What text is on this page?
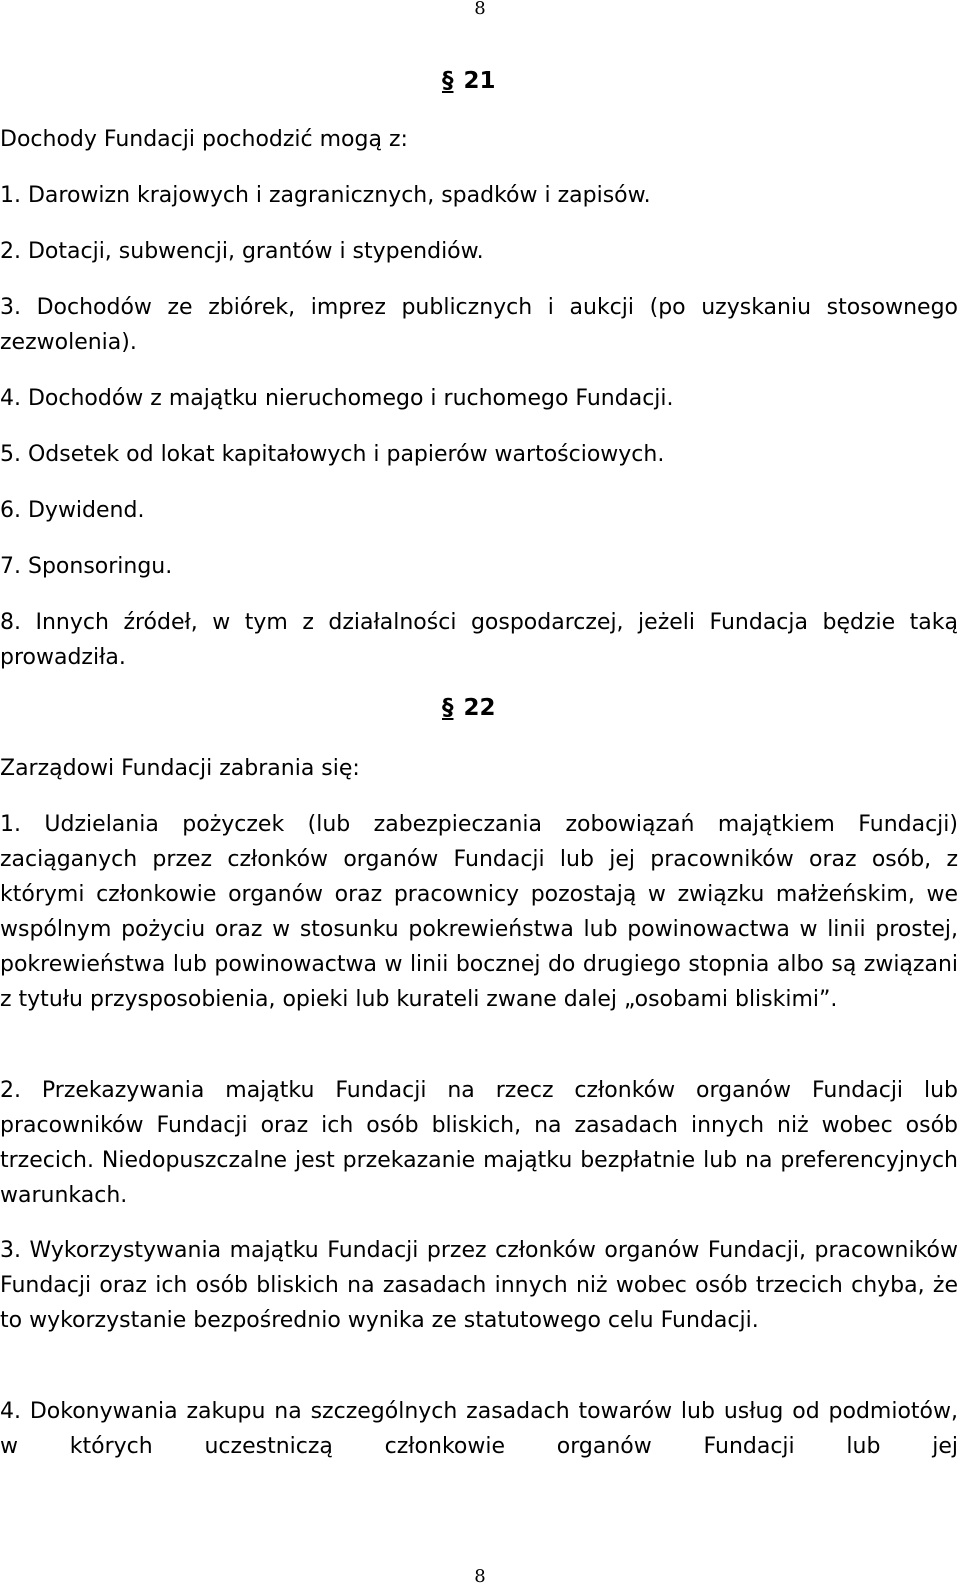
8
§ 21
Dochody Fundacji pochodzić mogą z:
1. Darowizn krajowych i zagranicznych, spadków i zapisów.
2. Dotacji, subwencji, grantów i stypendiów.
3. Dochodów ze zbiórek, imprez publicznych i aukcji (po uzyskaniu stosownego zezwolenia).
4. Dochodów z majątku nieruchomego i ruchomego Fundacji.
5. Odsetek od lokat kapitałowych i papierów wartościowych.
6. Dywidend.
7. Sponsoringu.
8. Innych źródeł, w tym z działalności gospodarczej, jeżeli Fundacja będzie taką prowadziła.
§ 22
Zarządowi Fundacji zabrania się:
1. Udzielania pożyczek (lub zabezpieczania zobowiązań majątkiem Fundacji) zaciąganych przez członków organów Fundacji lub jej pracowników oraz osób, z którymi członkowie organów oraz pracownicy pozostają w związku małżeńskim, we wspólnym pożyciu oraz w stosunku pokrewieństwa lub powinowactwa w linii prostej, pokrewieństwa lub powinowactwa w linii bocznej do drugiego stopnia albo są związani z tytułu przysposobienia, opieki lub kurateli zwane dalej „osobami bliskimi”.
2. Przekazywania majątku Fundacji na rzecz członków organów Fundacji lub pracowników Fundacji oraz ich osób bliskich, na zasadach innych niż wobec osób trzecich. Niedopuszczalne jest przekazanie majątku bezpłatnie lub na preferencyjnych warunkach.
3. Wykorzystywania majątku Fundacji przez członków organów Fundacji, pracowników Fundacji oraz ich osób bliskich na zasadach innych niż wobec osób trzecich chyba, że to wykorzystanie bezpośrednio wynika ze statutowego celu Fundacji.
4. Dokonywania zakupu na szczególnych zasadach towarów lub usług od podmiotów, w których uczestniczą członkowie organów Fundacji lub jej
8
